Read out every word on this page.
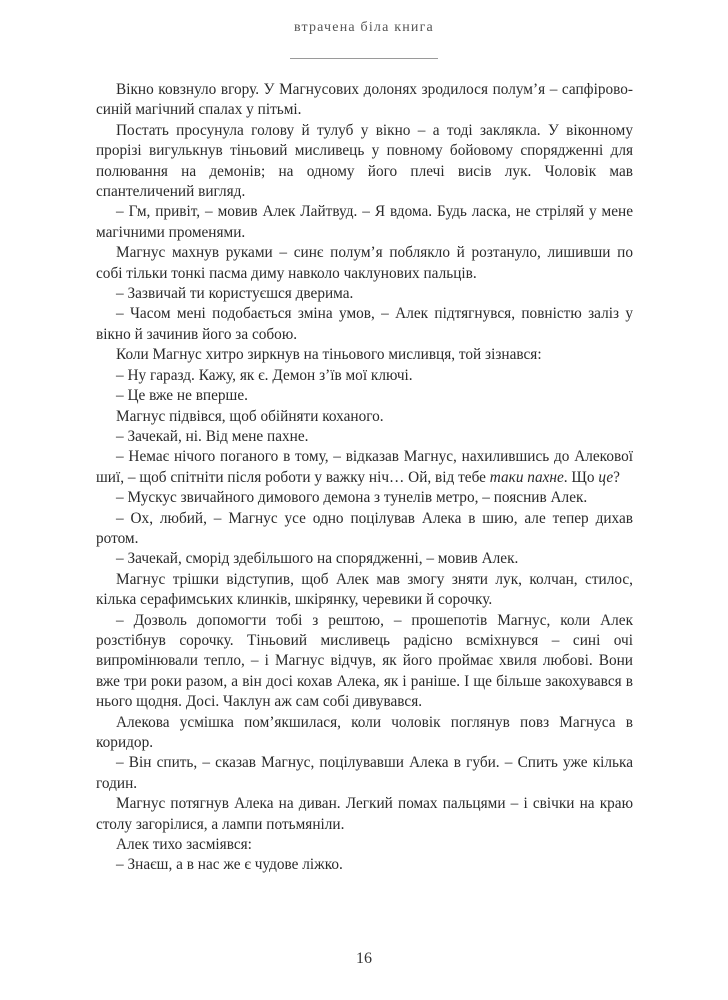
втрачена біла книга

Вікно ковзнуло вгору. У Магнусових долонях зродилося полум’я – сапфірово-синій магічний спалах у пітьмі.

Постать просунула голову й тулуб у вікно – а тоді заклякла. У віконному прорізі вигулькнув тіньовий мисливець у повному бойовому спорядженні для полювання на демонів; на одному його плечі висів лук. Чоловік мав спантеличений вигляд.

– Гм, привіт, – мовив Алек Лайтвуд. – Я вдома. Будь ласка, не стріляй у мене магічними променями.

Магнус махнув руками – синє полум’я поблякло й розтануло, лишивши по собі тільки тонкі пасма диму навколо чаклунових пальців.

– Зазвичай ти користуєшся дверима.

– Часом мені подобається зміна умов, – Алек підтягнувся, повністю заліз у вікно й зачинив його за собою.

Коли Магнус хитро зиркнув на тіньового мисливця, той зізнався:

– Ну гаразд. Кажу, як є. Демон з’їв мої ключі.

– Це вже не вперше.

Магнус підвівся, щоб обійняти коханого.

– Зачекай, ні. Від мене пахне.

– Немає нічого поганого в тому, – відказав Магнус, нахилившись до Алекової шиї, – щоб спітніти після роботи у важку ніч… Ой, від тебе таки пахне. Що це?

– Мускус звичайного димового демона з тунелів метро, – пояснив Алек.

– Ох, любий, – Магнус усе одно поцілував Алека в шию, але тепер дихав ротом.

– Зачекай, сморід здебільшого на спорядженні, – мовив Алек.

Магнус трішки відступив, щоб Алек мав змогу зняти лук, колчан, стилос, кілька серафимських клинків, шкірянку, черевики й сорочку.

– Дозволь допомогти тобі з рештою, – прошепотів Магнус, коли Алек розстібнув сорочку. Тіньовий мисливець радісно всміхнувся – сині очі випромінювали тепло, – і Магнус відчув, як його проймає хвиля любові. Вони вже три роки разом, а він досі кохав Алека, як і раніше. І ще більше закохувався в нього щодня. Досі. Чаклун аж сам собі дивувався.

Алекова усмішка пом’якшилася, коли чоловік поглянув повз Магнуса в коридор.

– Він спить, – сказав Магнус, поцілувавши Алека в губи. – Спить уже кілька годин.

Магнус потягнув Алека на диван. Легкий помах пальцями – і свічки на краю столу загорілися, а лампи потьмяніли.

Алек тихо засміявся:

– Знаєш, а в нас же є чудове ліжко.

16
